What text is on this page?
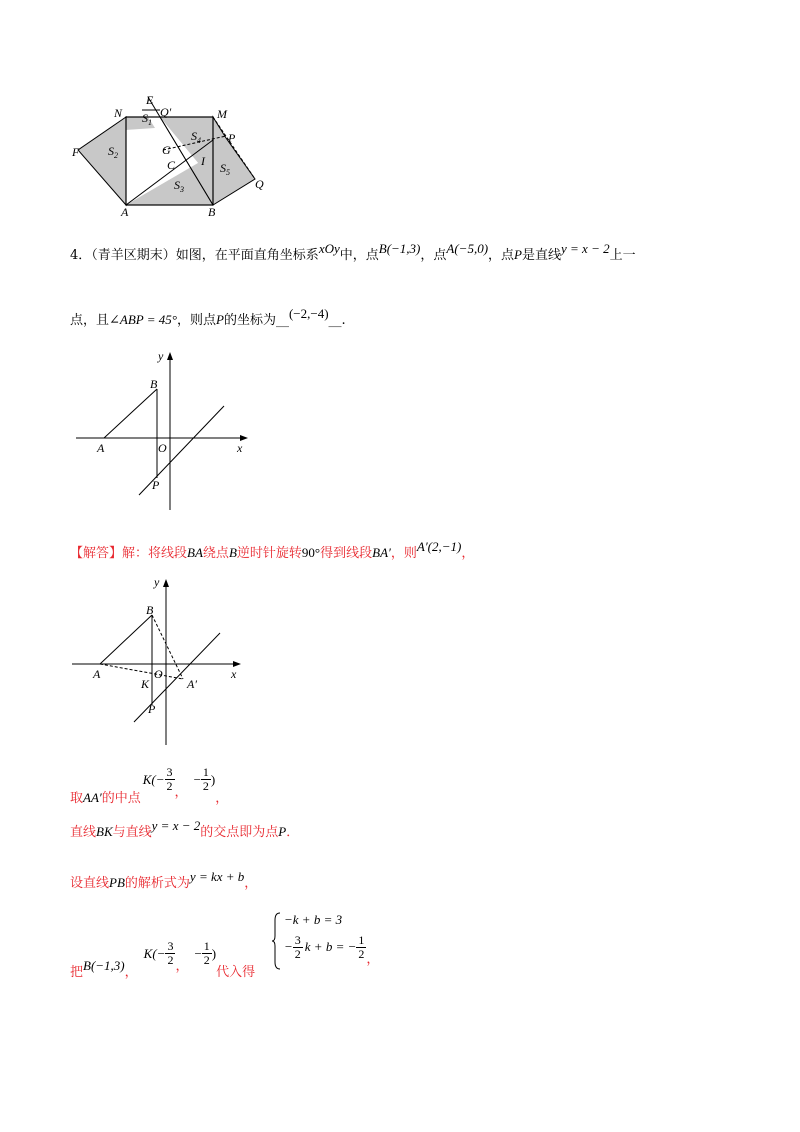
N
E
Q'	M
$S_1$
$S_4$ P
F $S_2$	G
C I $S_5$
$S_3$	Q
A	B
4．（青羊区期末）如图，在平面直角坐标系xOy中，点B(−1,3)，点A(−5,0)，点P是直线y = x − 2上一
点，且∠ABP = 45°，则点P的坐标为__(−2,−4)__.
y
B
A	O	x
P
【解答】解：将线段BA绕点B逆时针旋转90°得到线段BA′，则A′(2,−1)，
y
B
A
K
O
A′
x
P
取AA′的中点
$K(- \frac{3}{2}$ ，
− $\frac{1}{2}$ )
，
直线BK与直线y = x − 2的交点即为点P．
设直线PB的解析式为y = kx + b，
把B(−1,3)，
$K(- \frac{3}{2}$ ，
− $\frac{1}{2}$ )
代入得
−k + b = 3
− $\frac{3}{2}$ k + b = − $\frac{1}{2}$ ，
